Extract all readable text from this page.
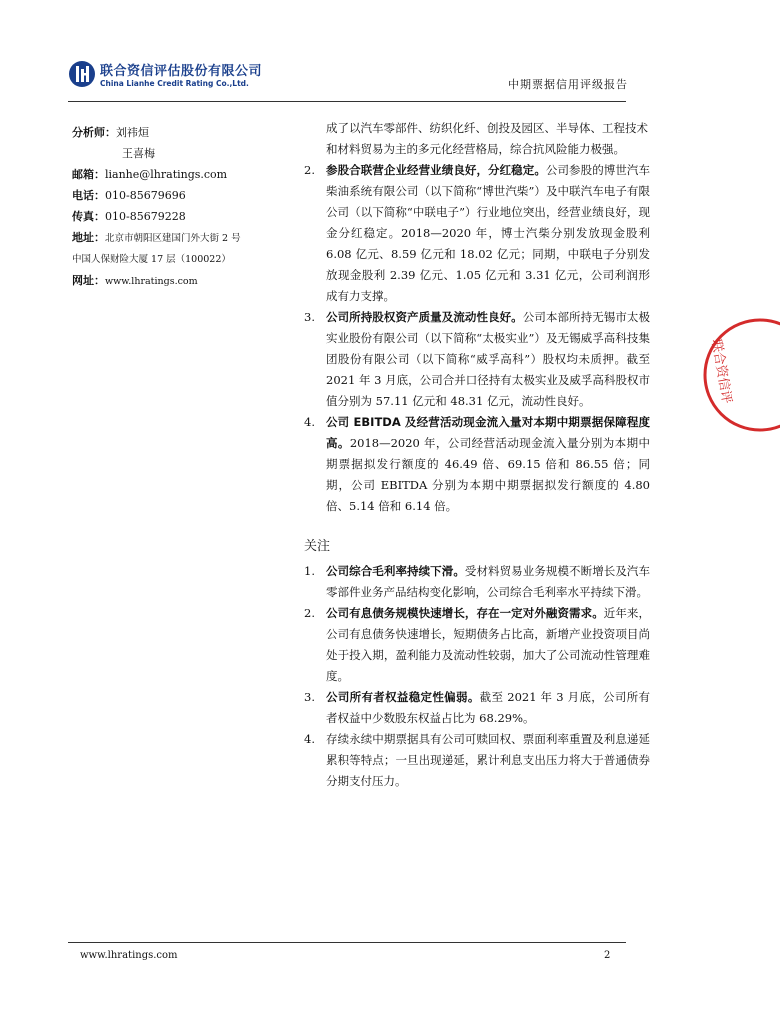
联合资信评估股份有限公司
China Lianhe Credit Rating Co.,Ltd.	中期票据信用评级报告
分析师：刘祎烜
王喜梅
邮箱：lianhe@lhratings.com
电话：010-85679696
传真：010-85679228
地址：北京市朝阳区建国门外大街 2 号
中国人保财险大厦 17 层（100022）
网址：www.lhratings.com
成了以汽车零部件、纺织化纤、创投及园区、半导体、工程技术和材料贸易为主的多元化经营格局，综合抗风险能力极强。
2. 参股合联营企业经营业绩良好，分红稳定。公司参股的博世汽车柴油系统有限公司（以下简称“博世汽柴”）及中联汽车电子有限公司（以下简称“中联电子”）行业地位突出，经营业绩良好，现金分红稳定。2018—2020 年，博士汽柴分别发放现金股利 6.08 亿元、8.59 亿元和 18.02 亿元；同期，中联电子分别发放现金股利 2.39 亿元、1.05 亿元和 3.31 亿元，公司利润形成有力支撑。
3. 公司所持股权资产质量及流动性良好。公司本部所持无锡市太极实业股份有限公司（以下简称“太极实业”）及无锡威孚高科技集团股份有限公司（以下简称“威孚高科”）股权均未质押。截至 2021 年 3 月底，公司合并口径持有太极实业及威孚高科股权市值分别为 57.11 亿元和 48.31 亿元，流动性良好。
4. 公司 EBITDA 及经营活动现金流入量对本期中期票据保障程度高。2018—2020 年，公司经营活动现金流入量分别为本期中期票据拟发行额度的 46.49 倍、69.15 倍和 86.55 倍；同期，公司 EBITDA 分别为本期中期票据拟发行额度的 4.80 倍、5.14 倍和 6.14 倍。
关注
1. 公司综合毛利率持续下滑。受材料贸易业务规模不断增长及汽车零部件业务产品结构变化影响，公司综合毛利率水平持续下滑。
2. 公司有息债务规模快速增长，存在一定对外融资需求。近年来，公司有息债务快速增长，短期债务占比高，新增产业投资项目尚处于投入期，盈利能力及流动性较弱，加大了公司流动性管理难度。
3. 公司所有者权益稳定性偏弱。截至 2021 年 3 月底，公司所有者权益中少数股东权益占比为 68.29%。
4. 存续永续中期票据具有公司可赎回权、票面利率重置及利息递延累积等特点；一旦出现递延，累计利息支出压力将大于普通债券分期支付压力。
联合资信评
www.lhratings.com	2
